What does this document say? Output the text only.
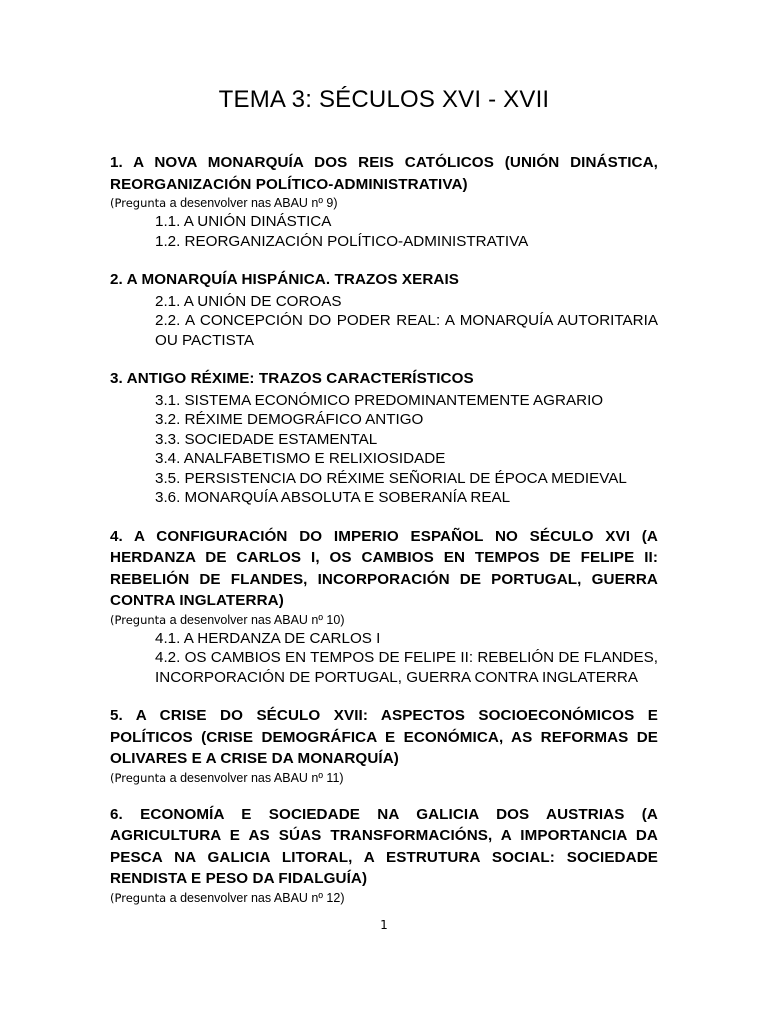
TEMA 3: SÉCULOS XVI - XVII
1. A NOVA MONARQUÍA DOS REIS CATÓLICOS (UNIÓN DINÁSTICA, REORGANIZACIÓN POLÍTICO-ADMINISTRATIVA)
(Pregunta a desenvolver nas ABAU nº 9)
1.1. A UNIÓN DINÁSTICA
1.2. REORGANIZACIÓN POLÍTICO-ADMINISTRATIVA
2. A MONARQUÍA HISPÁNICA. TRAZOS XERAIS
2.1. A UNIÓN DE COROAS
2.2. A CONCEPCIÓN DO PODER REAL: A MONARQUÍA AUTORITARIA OU PACTISTA
3. ANTIGO RÉXIME: TRAZOS CARACTERÍSTICOS
3.1. SISTEMA ECONÓMICO PREDOMINANTEMENTE AGRARIO
3.2. RÉXIME DEMOGRÁFICO ANTIGO
3.3. SOCIEDADE ESTAMENTAL
3.4. ANALFABETISMO E RELIXIOSIDADE
3.5. PERSISTENCIA DO RÉXIME SEÑORIAL DE ÉPOCA MEDIEVAL
3.6. MONARQUÍA ABSOLUTA E SOBERANÍA REAL
4. A CONFIGURACIÓN DO IMPERIO ESPAÑOL NO SÉCULO XVI (A HERDANZA DE CARLOS I, OS CAMBIOS EN TEMPOS DE FELIPE II: REBELIÓN DE FLANDES, INCORPORACIÓN DE PORTUGAL, GUERRA CONTRA INGLATERRA)
(Pregunta a desenvolver nas ABAU nº 10)
4.1. A HERDANZA DE CARLOS I
4.2. OS CAMBIOS EN TEMPOS DE FELIPE II: REBELIÓN DE FLANDES, INCORPORACIÓN DE PORTUGAL, GUERRA CONTRA INGLATERRA
5. A CRISE DO SÉCULO XVII: ASPECTOS SOCIOECONÓMICOS E POLÍTICOS (CRISE DEMOGRÁFICA E ECONÓMICA, AS REFORMAS DE OLIVARES E A CRISE DA MONARQUÍA)
(Pregunta a desenvolver nas ABAU nº 11)
6. ECONOMÍA E SOCIEDADE NA GALICIA DOS AUSTRIAS (A AGRICULTURA E AS SÚAS TRANSFORMACIÓNS, A IMPORTANCIA DA PESCA NA GALICIA LITORAL, A ESTRUTURA SOCIAL: SOCIEDADE RENDISTA E PESO DA FIDALGUÍA)
(Pregunta a desenvolver nas ABAU nº 12)
1
